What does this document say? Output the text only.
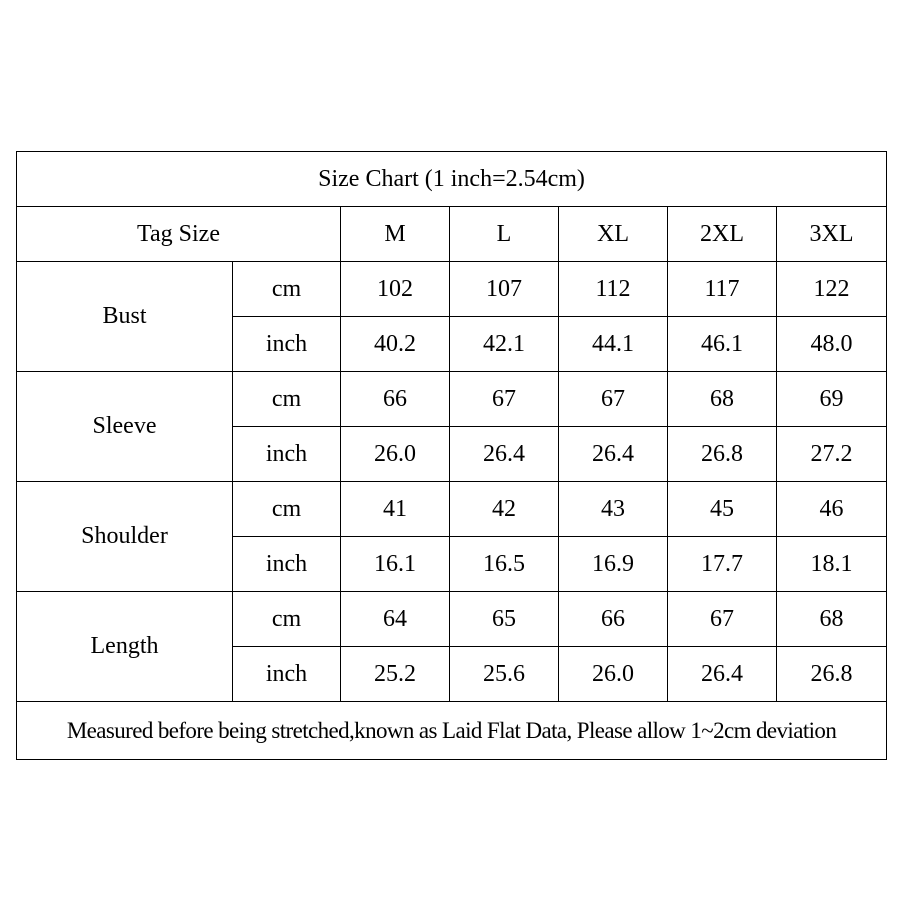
Size Chart (1 inch=2.54cm)						
Tag Size		M	L	XL	2XL	3XL
Bust	cm	102	107	112	117	122
	inch	40.2	42.1	44.1	46.1	48.0
Sleeve	cm	66	67	67	68	69
	inch	26.0	26.4	26.4	26.8	27.2
Shoulder	cm	41	42	43	45	46
	inch	16.1	16.5	16.9	17.7	18.1
Length	cm	64	65	66	67	68
	inch	25.2	25.6	26.0	26.4	26.8
Measured before being stretched,known as Laid Flat Data, Please allow 1~2cm deviation						
